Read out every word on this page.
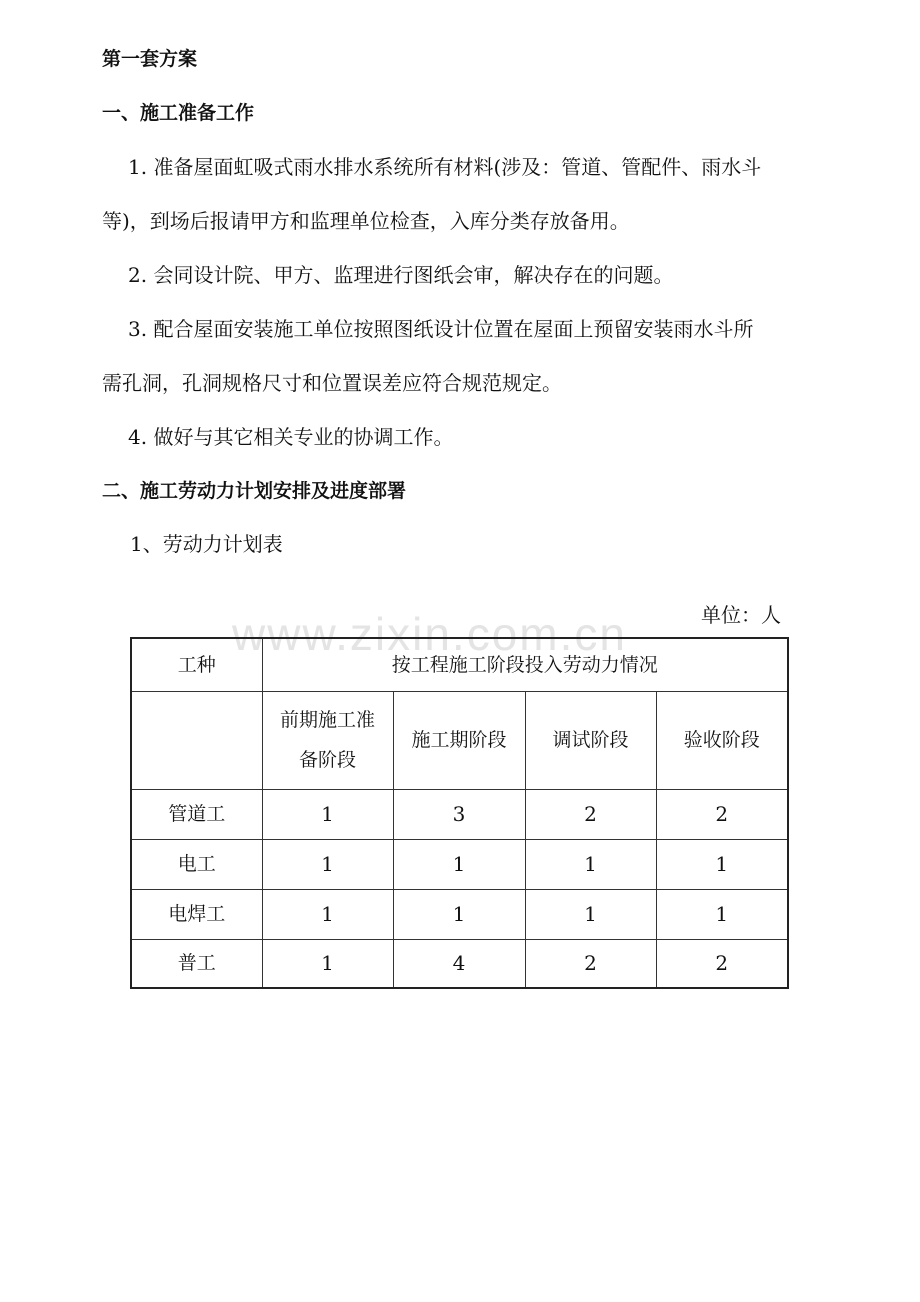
第一套方案

一、施工准备工作

1. 准备屋面虹吸式雨水排水系统所有材料(涉及：管道、管配件、雨水斗

等)，到场后报请甲方和监理单位检查，入库分类存放备用。

2. 会同设计院、甲方、监理进行图纸会审，解决存在的问题。

3. 配合屋面安装施工单位按照图纸设计位置在屋面上预留安装雨水斗所

需孔洞，孔洞规格尺寸和位置误差应符合规范规定。

4. 做好与其它相关专业的协调工作。

二、施工劳动力计划安排及进度部署

1、劳动力计划表

www.zixin.com.cn	单位：人
工种	按工程施工阶段投入劳动力情况			

	前期施工准
备阶段	施工期阶段	调试阶段	验收阶段
管道工	1	3	2	2
电工	1	1	1	1
电焊工	1	1	1	1
普工	1	4	2	2
